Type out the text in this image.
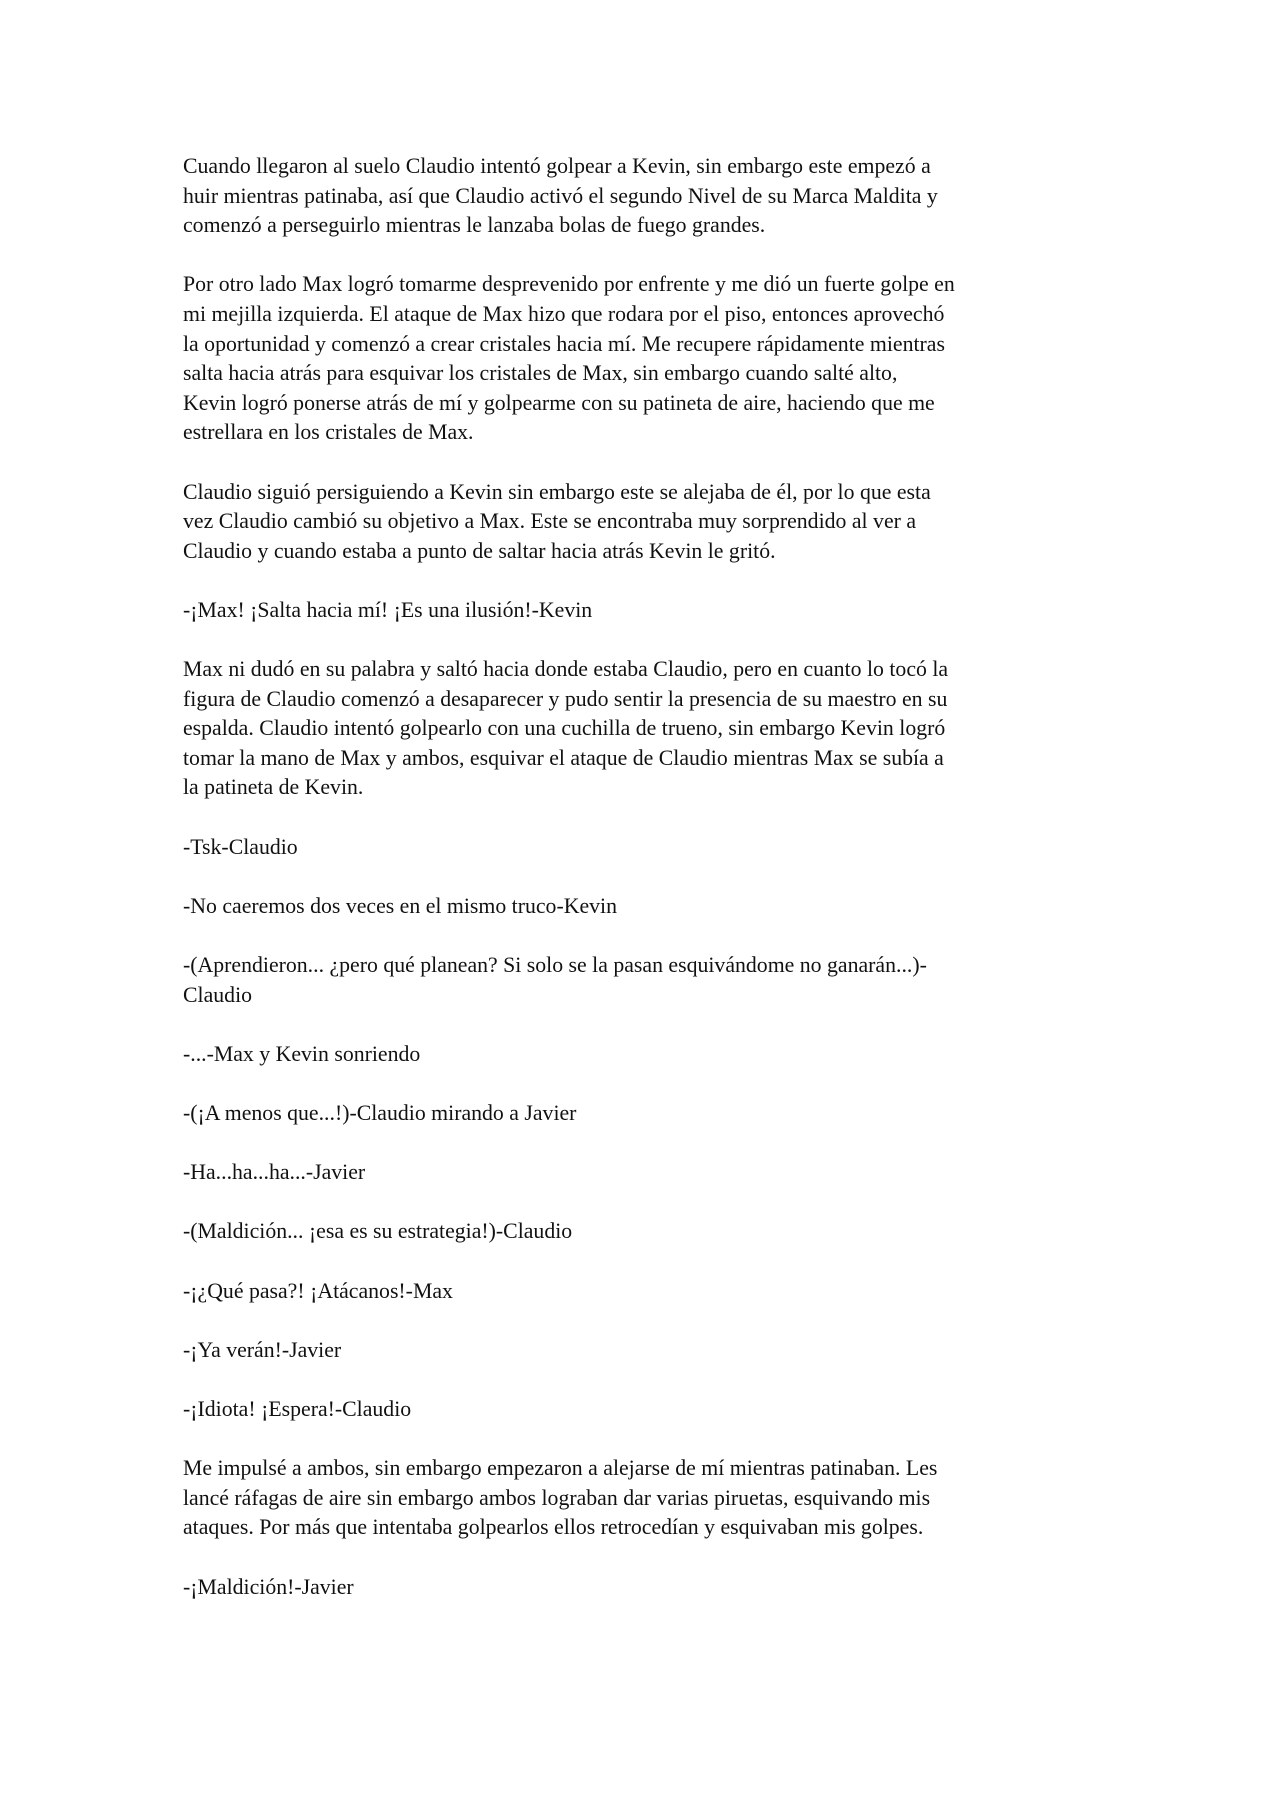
Cuando llegaron al suelo Claudio intentó golpear a Kevin, sin embargo este empezó a
huir mientras patinaba, así que Claudio activó el segundo Nivel de su Marca Maldita y
comenzó a perseguirlo mientras le lanzaba bolas de fuego grandes.

Por otro lado Max logró tomarme desprevenido por enfrente y me dió un fuerte golpe en
mi mejilla izquierda. El ataque de Max hizo que rodara por el piso, entonces aprovechó
la oportunidad y comenzó a crear cristales hacia mí. Me recupere rápidamente mientras
salta hacia atrás para esquivar los cristales de Max, sin embargo cuando salté alto,
Kevin logró ponerse atrás de mí y golpearme con su patineta de aire, haciendo que me
estrellara en los cristales de Max.

Claudio siguió persiguiendo a Kevin sin embargo este se alejaba de él, por lo que esta
vez Claudio cambió su objetivo a Max. Este se encontraba muy sorprendido al ver a
Claudio y cuando estaba a punto de saltar hacia atrás Kevin le gritó.

-¡Max! ¡Salta hacia mí! ¡Es una ilusión!-Kevin

Max ni dudó en su palabra y saltó hacia donde estaba Claudio, pero en cuanto lo tocó la
figura de Claudio comenzó a desaparecer y pudo sentir la presencia de su maestro en su
espalda. Claudio intentó golpearlo con una cuchilla de trueno, sin embargo Kevin logró
tomar la mano de Max y ambos, esquivar el ataque de Claudio mientras Max se subía a
la patineta de Kevin.

-Tsk-Claudio

-No caeremos dos veces en el mismo truco-Kevin

-(Aprendieron... ¿pero qué planean? Si solo se la pasan esquivándome no ganarán...)-
Claudio

-...-Max y Kevin sonriendo

-(¡A menos que...!)-Claudio mirando a Javier

-Ha...ha...ha...-Javier

-(Maldición... ¡esa es su estrategia!)-Claudio

-¡¿Qué pasa?! ¡Atácanos!-Max

-¡Ya verán!-Javier

-¡Idiota! ¡Espera!-Claudio

Me impulsé a ambos, sin embargo empezaron a alejarse de mí mientras patinaban. Les
lancé ráfagas de aire sin embargo ambos lograban dar varias piruetas, esquivando mis
ataques. Por más que intentaba golpearlos ellos retrocedían y esquivaban mis golpes.

-¡Maldición!-Javier
